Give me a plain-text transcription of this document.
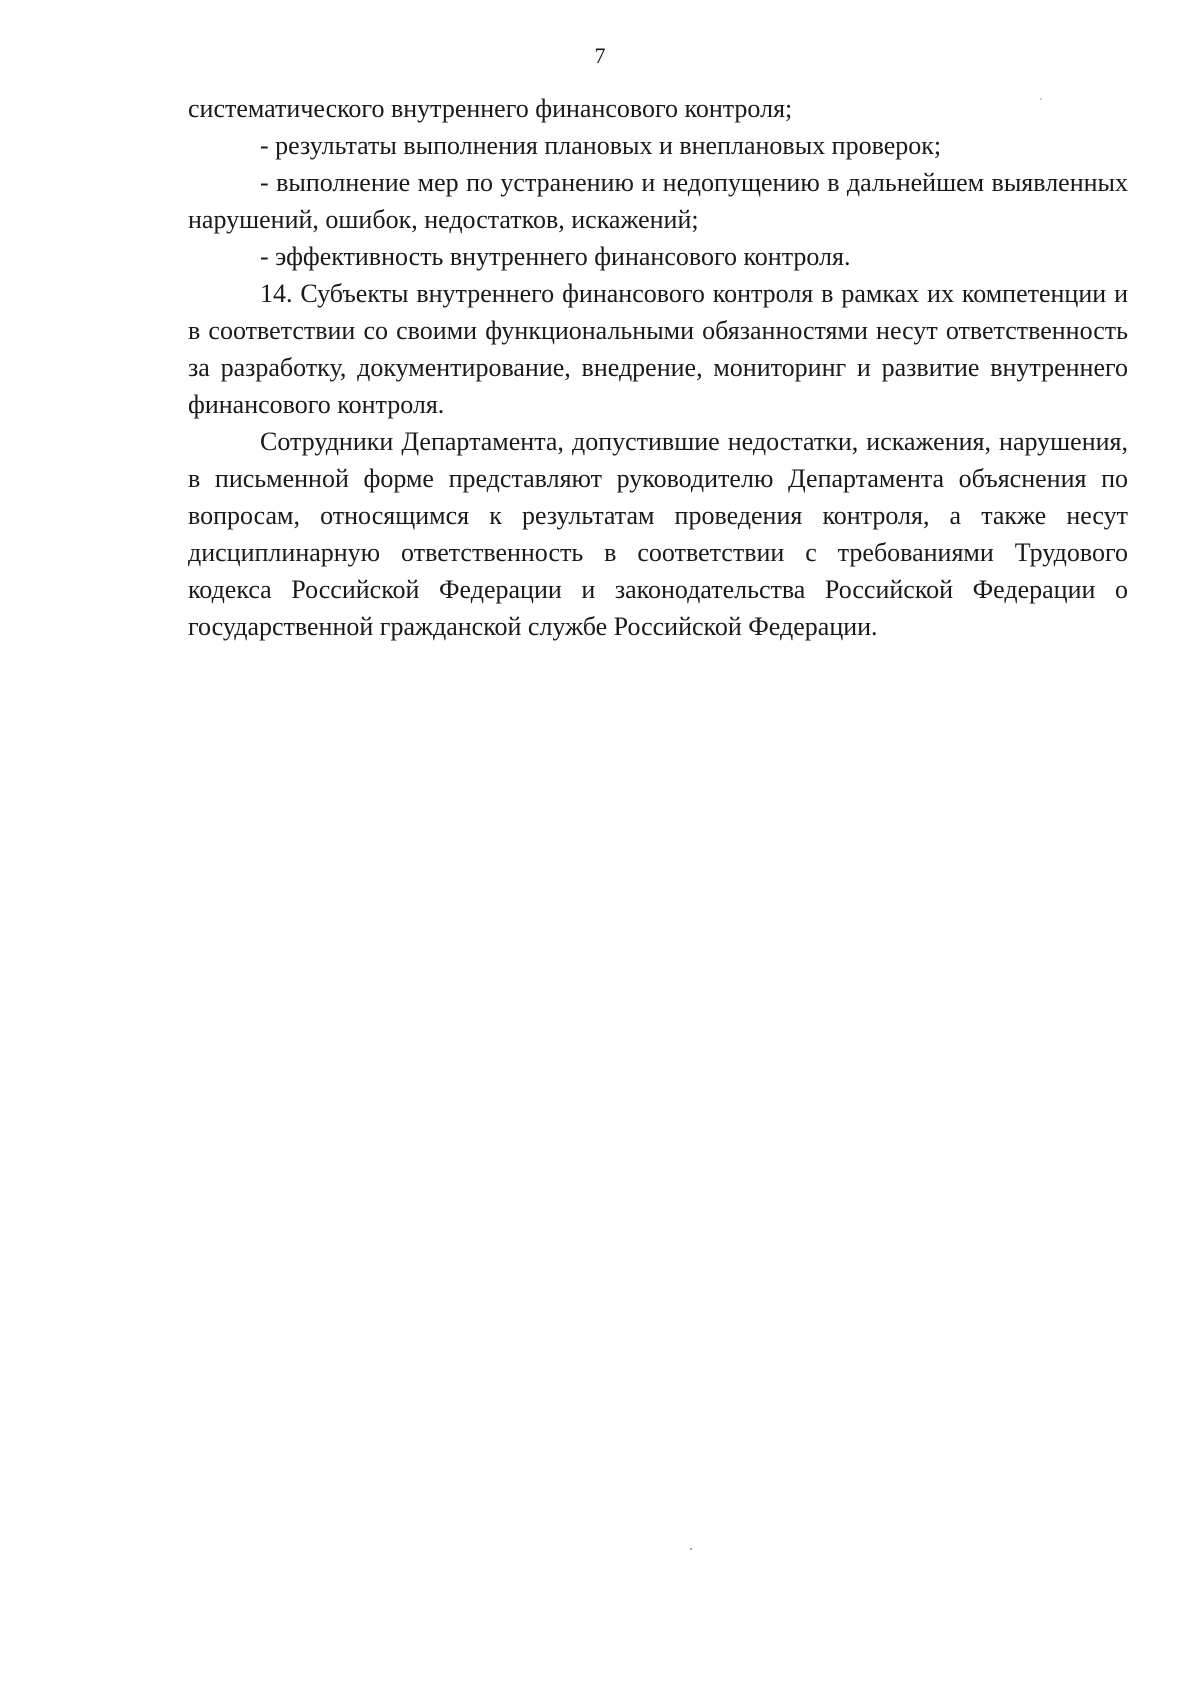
7

систематического внутреннего финансового контроля;

- результаты выполнения плановых и внеплановых проверок;

- выполнение мер по устранению и недопущению в дальнейшем выявленных нарушений, ошибок, недостатков, искажений;

- эффективность внутреннего финансового контроля.

14. Субъекты внутреннего финансового контроля в рамках их компетенции и в соответствии со своими функциональными обязанностями несут ответственность за разработку, документирование, внедрение, мониторинг и развитие внутреннего финансового контроля.

Сотрудники Департамента, допустившие недостатки, искажения, нарушения, в письменной форме представляют руководителю Департамента объяснения по вопросам, относящимся к результатам проведения контроля, а также несут дисциплинарную ответственность в соответствии с требованиями Трудового кодекса Российской Федерации и законодательства Российской Федерации о государственной гражданской службе Российской Федерации.
